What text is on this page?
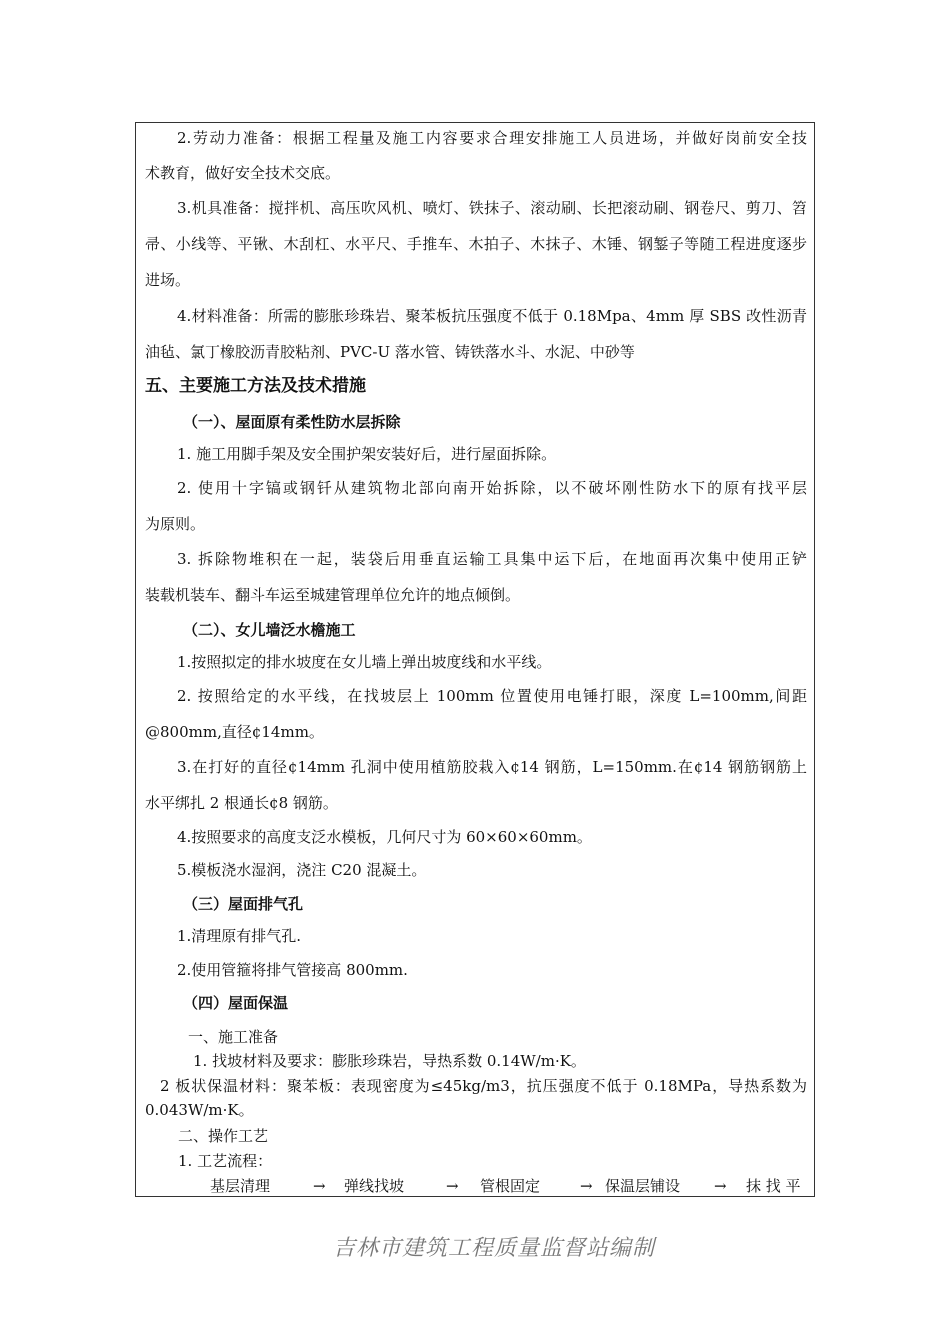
2.劳动力准备：根据工程量及施工内容要求合理安排施工人员进场，并做好岗前安全技
术教育，做好安全技术交底。
3.机具准备：搅拌机、高压吹风机、喷灯、铁抹子、滚动刷、长把滚动刷、钢卷尺、剪刀、笤
帚、小线等、平锹、木刮杠、水平尺、手推车、木拍子、木抹子、木锤、钢錾子等随工程进度逐步
进场。
4.材料准备：所需的膨胀珍珠岩、聚苯板抗压强度不低于 0.18Mpa、4mm 厚 SBS 改性沥青
油毡、氯丁橡胶沥青胶粘剂、PVC-U 落水管、铸铁落水斗、水泥、中砂等
五、主要施工方法及技术措施
（一）、屋面原有柔性防水层拆除
1. 施工用脚手架及安全围护架安装好后，进行屋面拆除。
2. 使用十字镐或钢钎从建筑物北部向南开始拆除，以不破坏刚性防水下的原有找平层
为原则。
3. 拆除物堆积在一起，装袋后用垂直运输工具集中运下后，在地面再次集中使用正铲
装载机装车、翻斗车运至城建管理单位允许的地点倾倒。
（二）、女儿墙泛水檐施工
1.按照拟定的排水坡度在女儿墙上弹出坡度线和水平线。
2. 按照给定的水平线，在找坡层上 100mm 位置使用电锤打眼，深度 L=100mm,间距
@800mm,直径¢14mm。
3.在打好的直径¢14mm 孔洞中使用植筋胶栽入¢14 钢筋，L=150mm.在¢14 钢筋钢筋上
水平绑扎 2 根通长¢8 钢筋。
4.按照要求的高度支泛水模板，几何尺寸为 60×60×60mm。
5.模板浇水湿润，浇注 C20 混凝土。
（三）屋面排气孔
1.清理原有排气孔.
2.使用管箍将排气管接高 800mm.
（四）屋面保温
一、施工准备
1. 找坡材料及要求：膨胀珍珠岩，导热系数 0.14W/m·K。
2 板状保温材料：聚苯板：表现密度为≤45kg/m3，抗压强度不低于 0.18MPa，导热系数为
0.043W/m·K。
二、操作工艺
1. 工艺流程：
基层清理	→ 弹线找坡	→ 管根固定	→ 保温层铺设 → 抹 找 平
吉林市建筑工程质量监督站编制
